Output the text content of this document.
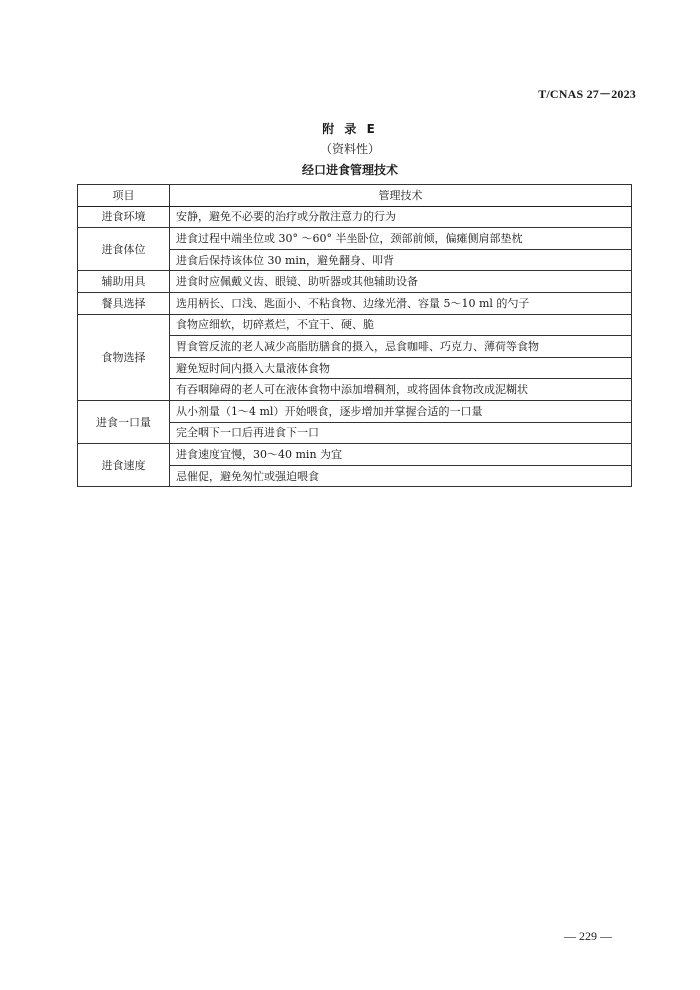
T/CNAS 27－2023
附 录 E
（资料性）
经口进食管理技术
项目	管理技术
进食环境	安静，避免不必要的治疗或分散注意力的行为
进食体位	进食过程中端坐位或 30° ～60° 半坐卧位，颈部前倾，偏瘫侧肩部垫枕
	进食后保持该体位 30 min，避免翻身、叩背
辅助用具	进食时应佩戴义齿、眼镜、助听器或其他辅助设备
餐具选择	选用柄长、口浅、匙面小、不粘食物、边缘光滑、容量 5～10 ml 的勺子
食物选择	食物应细软，切碎煮烂，不宜干、硬、脆
	胃食管反流的老人减少高脂肪膳食的摄入，忌食咖啡、巧克力、薄荷等食物
	避免短时间内摄入大量液体食物
	有吞咽障碍的老人可在液体食物中添加增稠剂，或将固体食物改成泥糊状
进食一口量	从小剂量（1～4 ml）开始喂食，逐步增加并掌握合适的一口量
	完全咽下一口后再进食下一口
进食速度	进食速度宜慢，30～40 min 为宜
	忌催促，避免匆忙或强迫喂食
— 229 —
